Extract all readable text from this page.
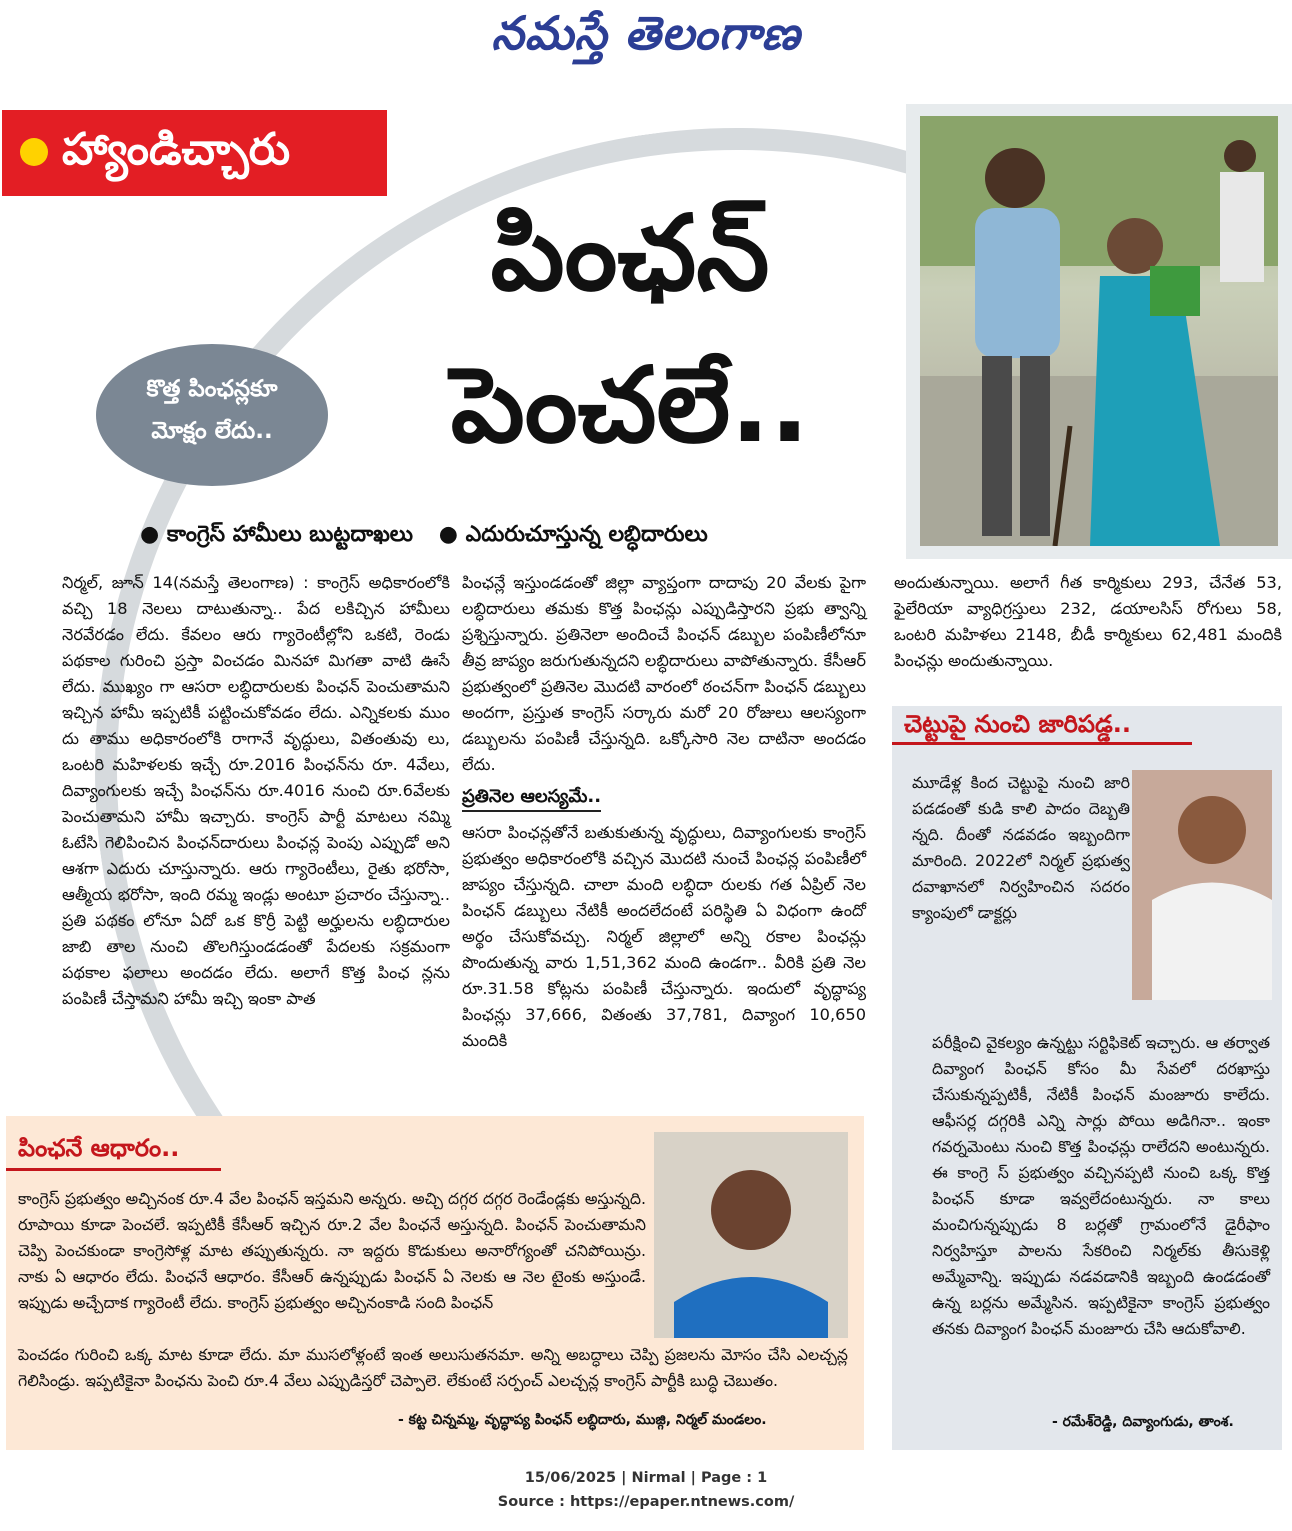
నమస్తే తెలంగాణ
హ్యాండిచ్చారు
పింఛన్
పెంచలే..
కొత్త పింఛన్లకూ
మోక్షం లేదు..
● కాంగ్రెస్ హామీలు బుట్టదాఖలు ● ఎదురుచూస్తున్న లబ్ధిదారులు

నిర్మల్, జూన్ 14(నమస్తే తెలంగాణ) : కాంగ్రెస్ అధికారంలోకి వచ్చి 18 నెలలు దాటుతున్నా.. పేద లకిచ్చిన హామీలు నెరవేరడం లేదు. కేవలం ఆరు గ్యారెంటీల్లోని ఒకటి, రెండు పథకాల గురించి ప్రస్తా వించడం మినహా మిగతా వాటి ఊసే లేదు. ముఖ్యం గా ఆసరా లబ్ధిదారులకు పింఛన్ పెంచుతామని ఇచ్చిన హామీ ఇప్పటికీ పట్టించుకోవడం లేదు. ఎన్నికలకు ముం దు తాము అధికారంలోకి రాగానే వృద్ధులు, వితంతువు లు, ఒంటరి మహిళలకు ఇచ్చే రూ.2016 పింఛన్‌ను రూ. 4వేలు, దివ్యాంగులకు ఇచ్చే పింఛన్‌ను రూ.4016 నుంచి రూ.6వేలకు పెంచుతామని హామీ ఇచ్చారు. కాంగ్రెస్ పార్టీ మాటలు నమ్మి ఓటేసి గెలిపించిన పింఛన్‌దారులు పింఛన్ల పెంపు ఎప్పుడో అని ఆశగా ఎదురు చూస్తున్నారు. ఆరు గ్యారెంటీలు, రైతు భరోసా, ఆత్మీయ భరోసా, ఇంది రమ్మ ఇండ్లు అంటూ ప్రచారం చేస్తున్నా.. ప్రతి పథకం లోనూ ఏదో ఒక కొర్రీ పెట్టి అర్హులను లబ్ధిదారుల జాబి తాల నుంచి తొలగిస్తుండడంతో పేదలకు సక్రమంగా పథకాల ఫలాలు అందడం లేదు. అలాగే కొత్త పింఛ న్లను పంపిణీ చేస్తామని హామీ ఇచ్చి ఇంకా పాత

పింఛన్లే ఇస్తుండడంతో జిల్లా వ్యాప్తంగా దాదాపు 20 వేలకు పైగా లబ్ధిదారులు తమకు కొత్త పింఛన్లు ఎప్పుడిస్తారని ప్రభు త్వాన్ని ప్రశ్నిస్తున్నారు. ప్రతినెలా అందించే పింఛన్ డబ్బుల పంపిణీలోనూ తీవ్ర జాప్యం జరుగుతున్నదని లబ్ధిదారులు వాపోతున్నారు. కేసీఆర్ ప్రభుత్వంలో ప్రతినెల మొదటి వారంలో ఠంచన్‌గా పింఛన్ డబ్బులు అందగా, ప్రస్తుత కాంగ్రెస్ సర్కారు మరో 20 రోజులు ఆలస్యంగా డబ్బులను పంపిణీ చేస్తున్నది. ఒక్కోసారి నెల దాటినా అందడం లేదు.

ప్రతినెల ఆలస్యమే..

ఆసరా పింఛన్లతోనే బతుకుతున్న వృద్ధులు, దివ్యాంగులకు కాంగ్రెస్ ప్రభుత్వం అధికారంలోకి వచ్చిన మొదటి నుంచే పింఛన్ల పంపిణీలో జాప్యం చేస్తున్నది. చాలా మంది లబ్ధిదా రులకు గత ఏప్రిల్ నెల పింఛన్ డబ్బులు నేటికీ అందలేదంటే పరిస్థితి ఏ విధంగా ఉందో అర్థం చేసుకోవచ్చు. నిర్మల్ జిల్లాలో అన్ని రకాల పింఛన్లు పొందుతున్న వారు 1,51,362 మంది ఉండగా.. వీరికి ప్రతి నెల రూ.31.58 కోట్లను పంపిణీ చేస్తున్నారు. ఇందులో వృద్ధాప్య పింఛన్లు 37,666, వితంతు 37,781, దివ్యాంగ 10,650 మందికి

అందుతున్నాయి. అలాగే గీత కార్మికులు 293, చేనేత 53, ఫైలేరియా వ్యాధిగ్రస్తులు 232, డయాలసిస్ రోగులు 58, ఒంటరి మహిళలు 2148, బీడీ కార్మికులు 62,481 మందికి పింఛన్లు అందుతున్నాయి.

చెట్టుపై నుంచి జారిపడ్డ..
మూడేళ్ల కింద చెట్టుపై నుంచి జారి పడడంతో కుడి కాలి పాదం దెబ్బతి న్నది. దీంతో నడవడం ఇబ్బందిగా మారింది. 2022లో నిర్మల్ ప్రభుత్వ దవాఖానలో నిర్వహించిన సదరం క్యాంపులో డాక్టర్లు
పరీక్షించి వైకల్యం ఉన్నట్టు సర్టిఫికెట్ ఇచ్చారు. ఆ తర్వాత దివ్యాంగ పింఛన్ కోసం మీ సేవలో దరఖాస్తు చేసుకున్నప్పటికీ, నేటికీ పింఛన్ మంజూరు కాలేదు. ఆఫీసర్ల దగ్గరికి ఎన్ని సార్లు పోయి అడిగినా.. ఇంకా గవర్నమెంటు నుంచి కొత్త పింఛన్లు రాలేదని అంటున్నరు. ఈ కాంగ్రె స్ ప్రభుత్వం వచ్చినప్పటి నుంచి ఒక్క కొత్త పింఛన్ కూడా ఇవ్వలేదంటున్నరు. నా కాలు మంచిగున్నప్పుడు 8 బర్లతో గ్రామంలోనే డైరీఫాం నిర్వహిస్తూ పాలను సేకరించి నిర్మల్‌కు తీసుకెళ్లి అమ్మేవాన్ని. ఇప్పుడు నడవడానికి ఇబ్బంది ఉండడంతో ఉన్న బర్లను అమ్మేసిన. ఇప్పటికైనా కాంగ్రెస్ ప్రభుత్వం తనకు దివ్యాంగ పింఛన్ మంజూరు చేసి ఆదుకోవాలి.
- రమేశ్‌రెడ్డి, దివ్యాంగుడు, తాంశ.
పింఛనే ఆధారం..
కాంగ్రెస్ ప్రభుత్వం అచ్చినంక రూ.4 వేల పింఛన్ ఇస్తమని అన్నరు. అచ్చి దగ్గర దగ్గర రెండేండ్లకు అస్తున్నది. రూపాయి కూడా పెంచలే. ఇప్పటికీ కేసీఆర్ ఇచ్చిన రూ.2 వేల పింఛనే అస్తున్నది. పింఛన్ పెంచుతామని చెప్పి పెంచకుండా కాంగ్రెసోళ్ల మాట తప్పుతున్నరు. నా ఇద్దరు కొడుకులు అనారోగ్యంతో చనిపోయిన్రు. నాకు ఏ ఆధారం లేదు. పింఛనే ఆధారం. కేసీఆర్ ఉన్నప్పుడు పింఛన్ ఏ నెలకు ఆ నెల టైంకు అస్తుండే. ఇప్పుడు అచ్చేదాక గ్యారెంటీ లేదు. కాంగ్రెస్ ప్రభుత్వం అచ్చినంకాడి సంది పింఛన్
పెంచడం గురించి ఒక్క మాట కూడా లేదు. మా ముసలోళ్లంటే ఇంత అలుసుతనమా. అన్ని అబద్ధాలు చెప్పి ప్రజలను మోసం చేసి ఎలచ్చన్ల గెలిసిండ్రు. ఇప్పటికైనా పింఛను పెంచి రూ.4 వేలు ఎప్పుడిస్తరో చెప్పాలె. లేకుంటే సర్పంచ్ ఎలచ్చన్ల కాంగ్రెస్ పార్టీకి బుద్ధి చెబుతం.
- కట్ట చిన్నమ్మ, వృద్ధాప్య పింఛన్ లబ్ధిదారు, ముజ్గి, నిర్మల్ మండలం.
15/06/2025 | Nirmal | Page : 1
Source : https://epaper.ntnews.com/
